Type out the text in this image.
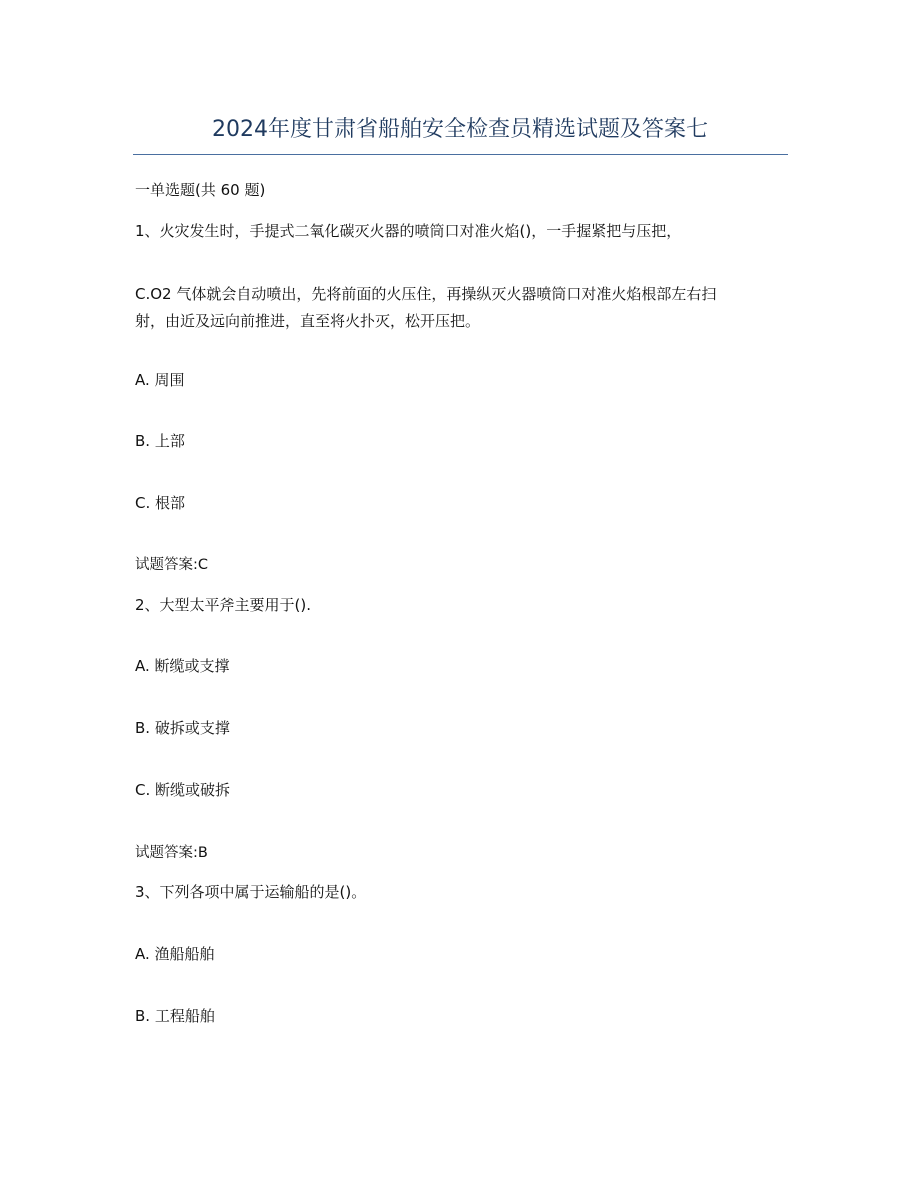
2024年度甘肃省船舶安全检查员精选试题及答案七
一单选题(共 60 题)
1、火灾发生时，手提式二氧化碳灭火器的喷筒口对准火焰()，一手握紧把与压把，
C.O2 气体就会自动喷出，先将前面的火压住，再操纵灭火器喷筒口对准火焰根部左右扫
射，由近及远向前推进，直至将火扑灭，松开压把。
A. 周围
B. 上部
C. 根部
试题答案:C
2、大型太平斧主要用于().
A. 断缆或支撑
B. 破拆或支撑
C. 断缆或破拆
试题答案:B
3、下列各项中属于运输船的是()。
A. 渔船船舶
B. 工程船舶
